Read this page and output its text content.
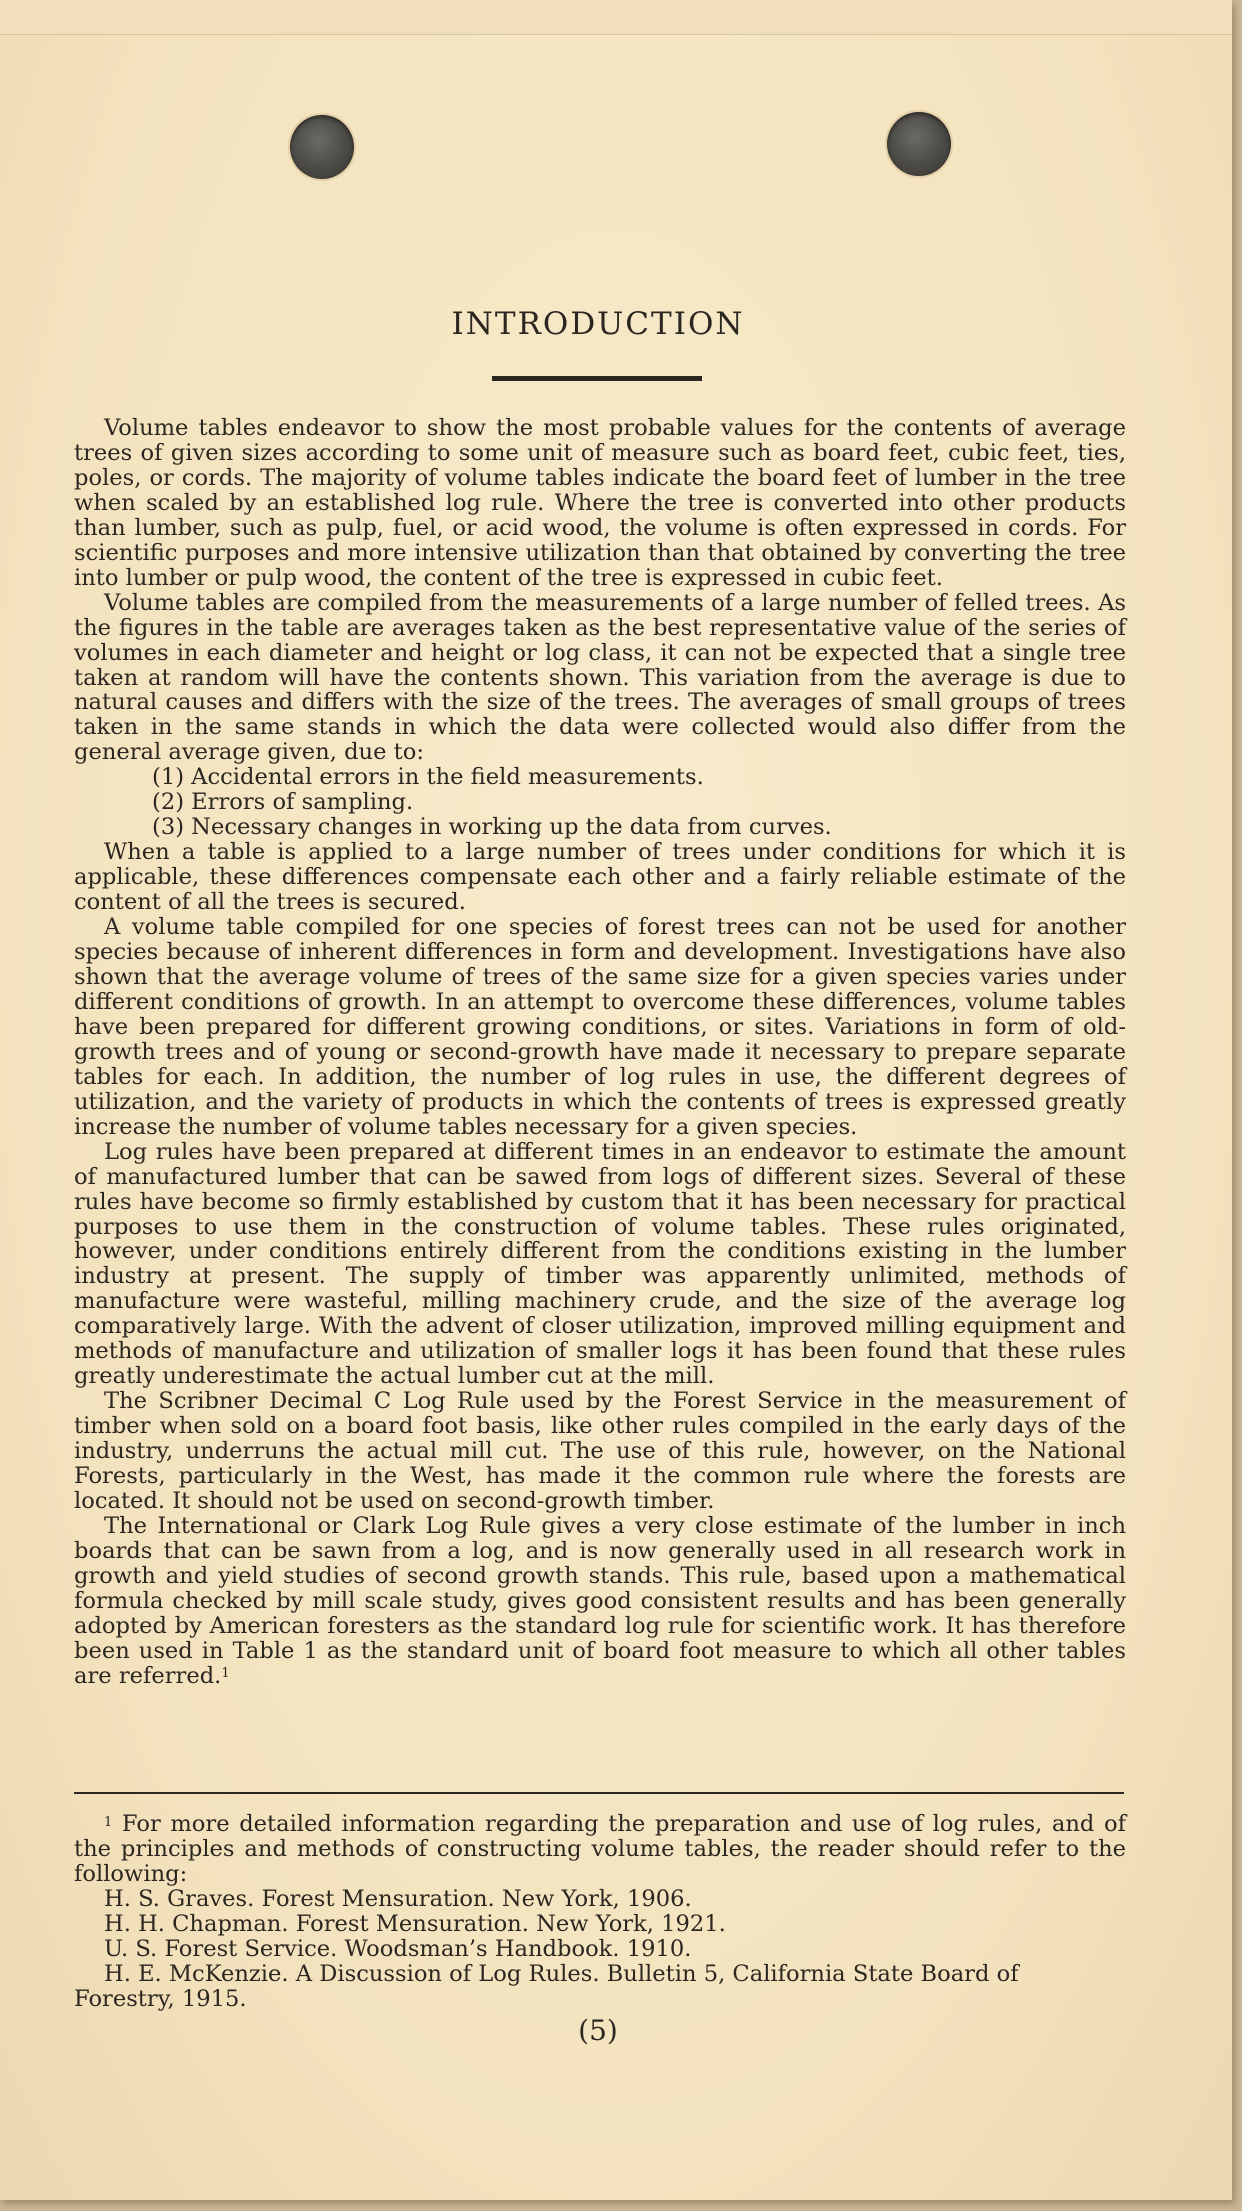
INTRODUCTION

Volume tables endeavor to show the most probable values for the contents of average trees of given sizes according to some unit of measure such as board feet, cubic feet, ties, poles, or cords. The majority of volume tables indicate the board feet of lumber in the tree when scaled by an established log rule. Where the tree is converted into other products than lumber, such as pulp, fuel, or acid wood, the volume is often expressed in cords. For scientific purposes and more intensive utilization than that obtained by converting the tree into lumber or pulp wood, the content of the tree is expressed in cubic feet.

Volume tables are compiled from the measurements of a large number of felled trees. As the figures in the table are averages taken as the best representative value of the series of volumes in each diameter and height or log class, it can not be expected that a single tree taken at random will have the contents shown. This variation from the average is due to natural causes and differs with the size of the trees. The averages of small groups of trees taken in the same stands in which the data were collected would also differ from the general average given, due to:

(1) Accidental errors in the field measurements.

(2) Errors of sampling.

(3) Necessary changes in working up the data from curves.

When a table is applied to a large number of trees under conditions for which it is applicable, these differences compensate each other and a fairly reliable estimate of the content of all the trees is secured.

A volume table compiled for one species of forest trees can not be used for another species because of inherent differences in form and development. Investigations have also shown that the average volume of trees of the same size for a given species varies under different conditions of growth. In an attempt to overcome these differences, volume tables have been prepared for different growing conditions, or sites. Variations in form of old-growth trees and of young or second-growth have made it necessary to prepare separate tables for each. In addition, the number of log rules in use, the different degrees of utilization, and the variety of products in which the contents of trees is expressed greatly increase the number of volume tables necessary for a given species.

Log rules have been prepared at different times in an endeavor to estimate the amount of manufactured lumber that can be sawed from logs of different sizes. Several of these rules have become so firmly established by custom that it has been necessary for practical purposes to use them in the construction of volume tables. These rules originated, however, under conditions entirely different from the conditions existing in the lumber industry at present. The supply of timber was apparently unlimited, methods of manufacture were wasteful, milling machinery crude, and the size of the average log comparatively large. With the advent of closer utilization, improved milling equipment and methods of manufacture and utilization of smaller logs it has been found that these rules greatly underestimate the actual lumber cut at the mill.

The Scribner Decimal C Log Rule used by the Forest Service in the measurement of timber when sold on a board foot basis, like other rules compiled in the early days of the industry, underruns the actual mill cut. The use of this rule, however, on the National Forests, particularly in the West, has made it the common rule where the forests are located. It should not be used on second-growth timber.

The International or Clark Log Rule gives a very close estimate of the lumber in inch boards that can be sawn from a log, and is now generally used in all research work in growth and yield studies of second growth stands. This rule, based upon a mathematical formula checked by mill scale study, gives good consistent results and has been generally adopted by American foresters as the standard log rule for scientific work. It has therefore been used in Table 1 as the standard unit of board foot measure to which all other tables are referred.$^1$

$^1$ For more detailed information regarding the preparation and use of log rules, and of the principles and methods of constructing volume tables, the reader should refer to the following:

H. S. Graves. Forest Mensuration. New York, 1906.

H. H. Chapman. Forest Mensuration. New York, 1921.

U. S. Forest Service. Woodsman’s Handbook. 1910.

H. E. McKenzie. A Discussion of Log Rules. Bulletin 5, California State Board of Forestry, 1915.

(5)
